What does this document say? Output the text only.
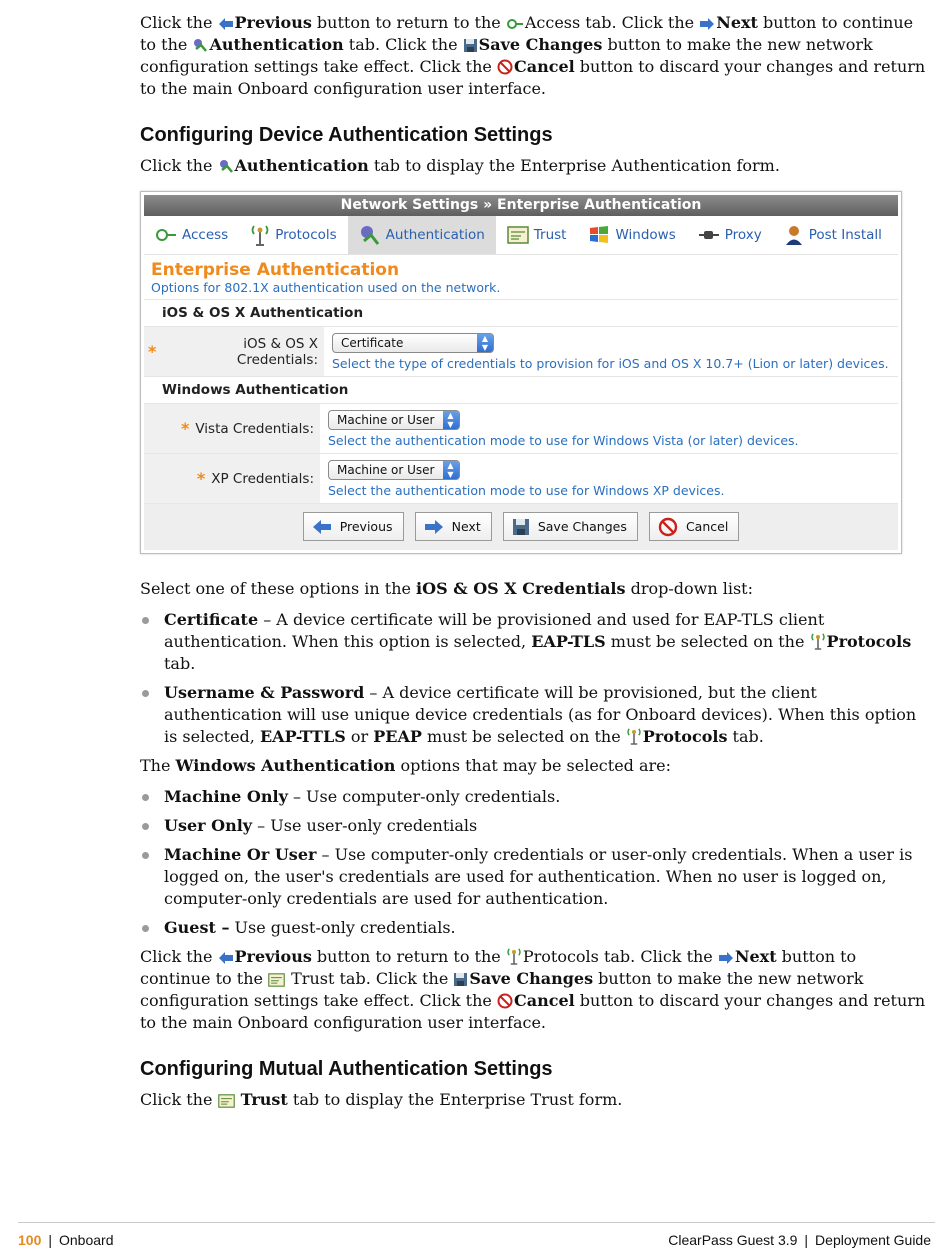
Click the Previous button to return to the Access tab. Click the Next button to continue to the Authentication tab. Click the Save Changes button to make the new network configuration settings take effect. Click the Cancel button to discard your changes and return to the main Onboard configuration user interface.

Configuring Device Authentication Settings

Click the Authentication tab to display the Enterprise Authentication form.

Network Settings » Enterprise Authentication
Access	Protocols	Authentication	Trust	Windows	Proxy	Post Install
Enterprise Authentication
Options for 802.1X authentication used on the network.
iOS & OS X Authentication
*	iOS & OS X Credentials:
Certificate	▲
▼
Select the type of credentials to provision for iOS and OS X 10.7+ (Lion or later) devices.
Windows Authentication
* Vista Credentials:
Machine or User	▲
▼
Select the authentication mode to use for Windows Vista (or later) devices.
* XP Credentials:
Machine or User	▲
▼
Select the authentication mode to use for Windows XP devices.
Previous
	Next
	Save Changes
	Cancel

Select one of these options in the iOS & OS X Credentials drop-down list:

Certificate – A device certificate will be provisioned and used for EAP-TLS client authentication. When this option is selected, EAP-TLS must be selected on the Protocols tab.
Username & Password – A device certificate will be provisioned, but the client authentication will use unique device credentials (as for Onboard devices). When this option is selected, EAP-TTLS or PEAP must be selected on the Protocols tab.

The Windows Authentication options that may be selected are:

Machine Only – Use computer-only credentials.
User Only – Use user-only credentials
Machine Or User – Use computer-only credentials or user-only credentials. When a user is logged on, the user's credentials are used for authentication. When no user is logged on, computer-only credentials are used for authentication.
Guest – Use guest-only credentials.

Click the Previous button to return to the Protocols tab. Click the Next button to continue to the  Trust tab. Click the Save Changes button to make the new network configuration settings take effect. Click the Cancel button to discard your changes and return to the main Onboard configuration user interface.

Configuring Mutual Authentication Settings

Click the  Trust tab to display the Enterprise Trust form.

100 | Onboard	ClearPass Guest 3.9 | Deployment Guide
